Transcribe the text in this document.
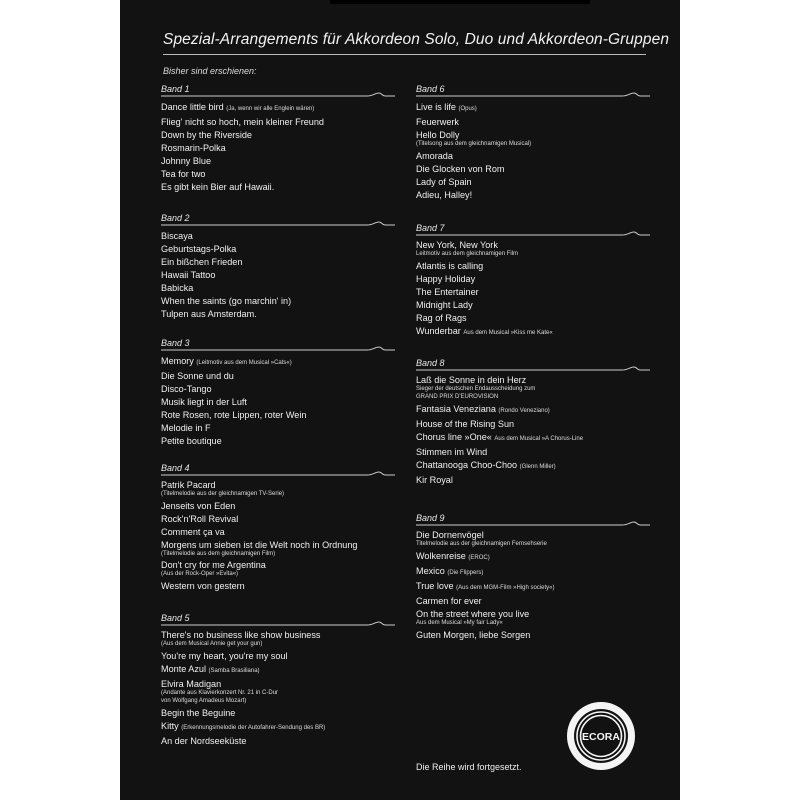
Spezial-Arrangements für Akkordeon Solo, Duo und Akkordeon-Gruppen
Bisher sind erschienen:
Band 1
Dance little bird (Ja, wenn wir alle Englein wären)
Flieg' nicht so hoch, mein kleiner Freund
Down by the Riverside
Rosmarin-Polka
Johnny Blue
Tea for two
Es gibt kein Bier auf Hawaii.
Band 2
Biscaya
Geburtstags-Polka
Ein bißchen Frieden
Hawaii Tattoo
Babicka
When the saints (go marchin' in)
Tulpen aus Amsterdam.
Band 3
Memory (Leitmotiv aus dem Musical »Cats«)
Die Sonne und du
Disco-Tango
Musik liegt in der Luft
Rote Rosen, rote Lippen, roter Wein
Melodie in F
Petite boutique
Band 4
Patrik Pacard
(Titelmelodie aus der gleichnamigen TV-Serie)
Jenseits von Eden
Rock'n'Roll Revival
Comment ça va
Morgens um sieben ist die Welt noch in Ordnung
(Titelmelodie aus dem gleichnamigen Film)
Don't cry for me Argentina
(Aus der Rock-Oper »Evita«)
Western von gestern
Band 5
There's no business like show business
(Aus dem Musical Annie get your gun)
You're my heart, you're my soul
Monte Azul (Samba Brasiliana)
Elvira Madigan
(Andante aus Klavierkonzert Nr. 21 in C-Dur
von Wolfgang Amadeus Mozart)
Begin the Beguine
Kitty (Erkennungsmelodie der Autofahrer-Sendung des BR)
An der Nordseeküste
Band 6
Live is life (Opus)
Feuerwerk
Hello Dolly
(Titelsong aus dem gleichnamigen Musical)
Amorada
Die Glocken von Rom
Lady of Spain
Adieu, Halley!
Band 7
New York, New York
Leitmotiv aus dem gleichnamigen Film
Atlantis is calling
Happy Holiday
The Entertainer
Midnight Lady
Rag of Rags
Wunderbar Aus dem Musical »Kiss me Kate«
Band 8
Laß die Sonne in dein Herz
Sieger der deutschen Endausscheidung zum
GRAND PRIX D'EUROVISION
Fantasia Veneziana (Rondo Veneziano)
House of the Rising Sun
Chorus line »One« Aus dem Musical »A Chorus-Line
Stimmen im Wind
Chattanooga Choo-Choo (Glenn Miller)
Kir Royal
Band 9
Die Dornenvögel
Titelmelodie aus der gleichnamigen Fernsehserie
Wolkenreise (EROC)
Mexico (Die Flippers)
True love (Aus dem MGM-Film »High society«)
Carmen for ever
On the street where you live
Aus dem Musical »My fair Lady«
Guten Morgen, liebe Sorgen
ECORA
Die Reihe wird fortgesetzt.
